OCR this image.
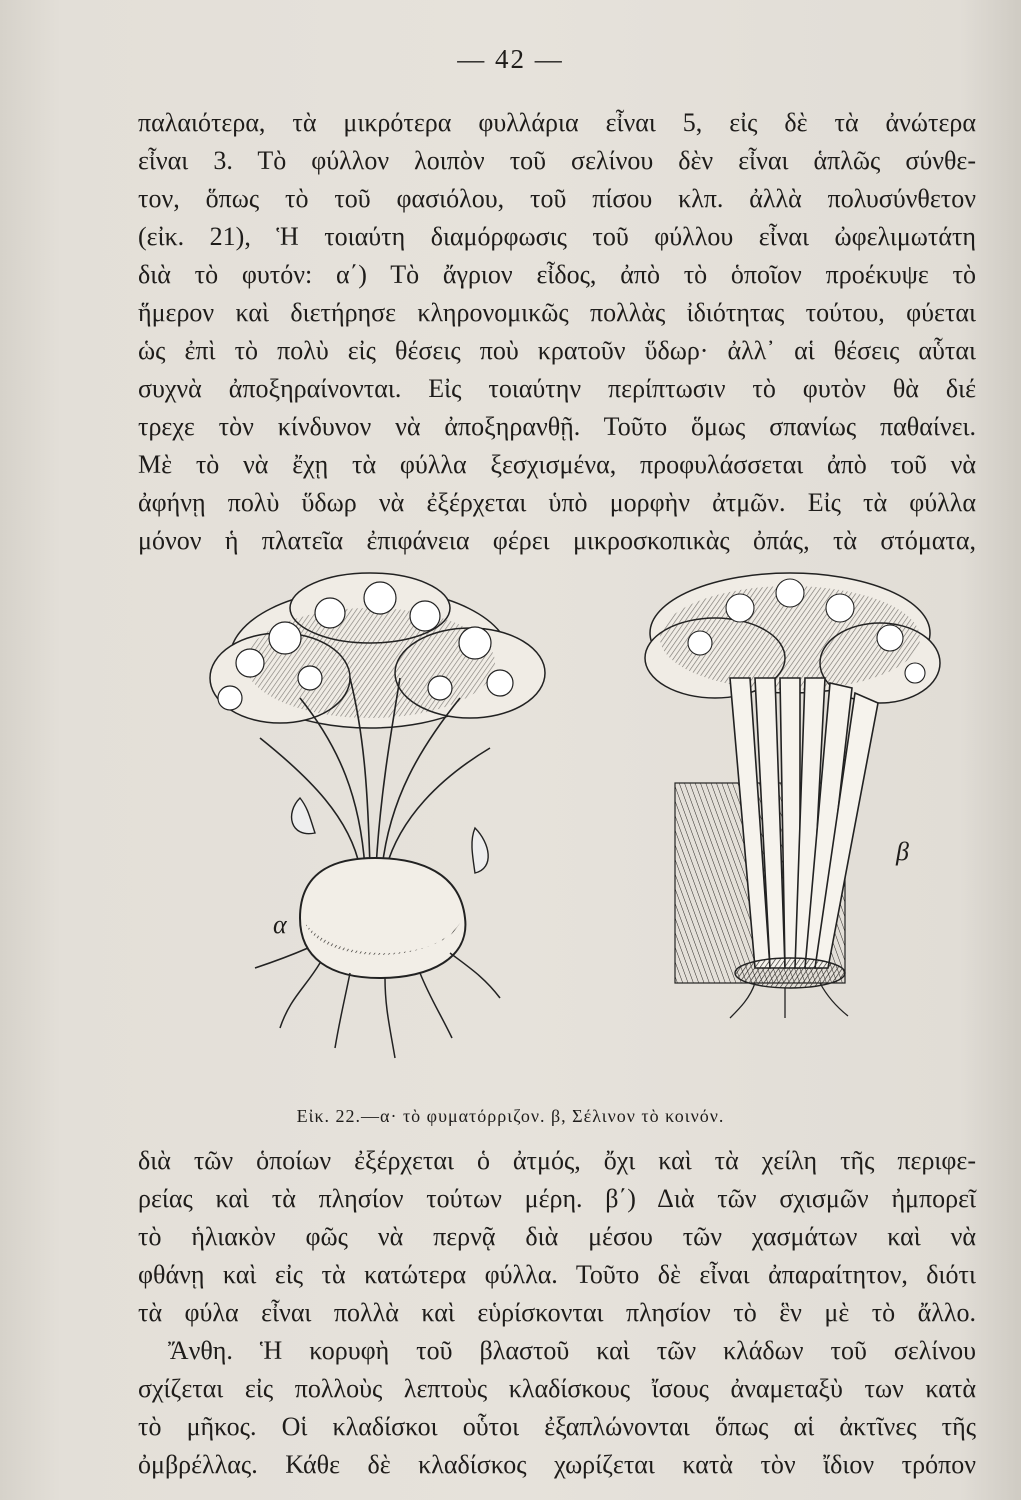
— 42 —
παλαιότερα, τὰ μικρότερα φυλλάρια εἶναι 5, εἰς δὲ τὰ ἀνώτερα
εἶναι 3. Τὸ φύλλον λοιπὸν τοῦ σελίνου δὲν εἶναι ἁπλῶς σύνθε-
τον, ὅπως τὸ τοῦ φασιόλου, τοῦ πίσου κλπ. ἀλλὰ πολυσύνθετον
(εἰκ. 21), Ἡ τοιαύτη διαμόρφωσις τοῦ φύλλου εἶναι ὠφελιμωτάτη
διὰ τὸ φυτόν: α΄) Τὸ ἄγριον εἶδος, ἀπὸ τὸ ὁποῖον προέκυψε τὸ
ἥμερον καὶ διετήρησε κληρονομικῶς πολλὰς ἰδιότητας τούτου, φύεται
ὡς ἐπὶ τὸ πολὺ εἰς θέσεις ποὺ κρατοῦν ὕδωρ· ἀλλ᾽ αἱ θέσεις αὗται
συχνὰ ἀποξηραίνονται. Εἰς τοιαύτην περίπτωσιν τὸ φυτὸν θὰ διέ
τρεχε τὸν κίνδυνον νὰ ἀποξηρανθῇ. Τοῦτο ὅμως σπανίως παθαίνει.
Μὲ τὸ νὰ ἔχῃ τὰ φύλλα ξεσχισμένα, προφυλάσσεται ἀπὸ τοῦ νὰ
ἀφήνῃ πολὺ ὕδωρ νὰ ἐξέρχεται ὑπὸ μορφὴν ἀτμῶν. Εἰς τὰ φύλλα
μόνον ἡ πλατεῖα ἐπιφάνεια φέρει μικροσκοπικὰς ὀπάς, τὰ στόματα,
α
β
Εἰκ. 22.—α· τὸ φυματόρριζον. β, Σέλινον τὸ κοινόν.
διὰ τῶν ὁποίων ἐξέρχεται ὁ ἀτμός, ὄχι καὶ τὰ χείλη τῆς περιφε-
ρείας καὶ τὰ πλησίον τούτων μέρη. β΄) Διὰ τῶν σχισμῶν ἠμπορεῖ
τὸ ἡλιακὸν φῶς νὰ περνᾷ διὰ μέσου τῶν χασμάτων καὶ νὰ
φθάνῃ καὶ εἰς τὰ κατώτερα φύλλα. Τοῦτο δὲ εἶναι ἀπαραίτητον, διότι
τὰ φύλα εἶναι πολλὰ καὶ εὑρίσκονται πλησίον τὸ ἓν μὲ τὸ ἄλλο.
Ἄνθη. Ἡ κορυφὴ τοῦ βλαστοῦ καὶ τῶν κλάδων τοῦ σελίνου
σχίζεται εἰς πολλοὺς λεπτοὺς κλαδίσκους ἴσους ἀναμεταξὺ των κατὰ
τὸ μῆκος. Οἱ κλαδίσκοι οὗτοι ἐξαπλώνονται ὅπως αἱ ἀκτῖνες τῆς
ὀμβρέλλας. Κάθε δὲ κλαδίσκος χωρίζεται κατὰ τὸν ἴδιον τρόπον
